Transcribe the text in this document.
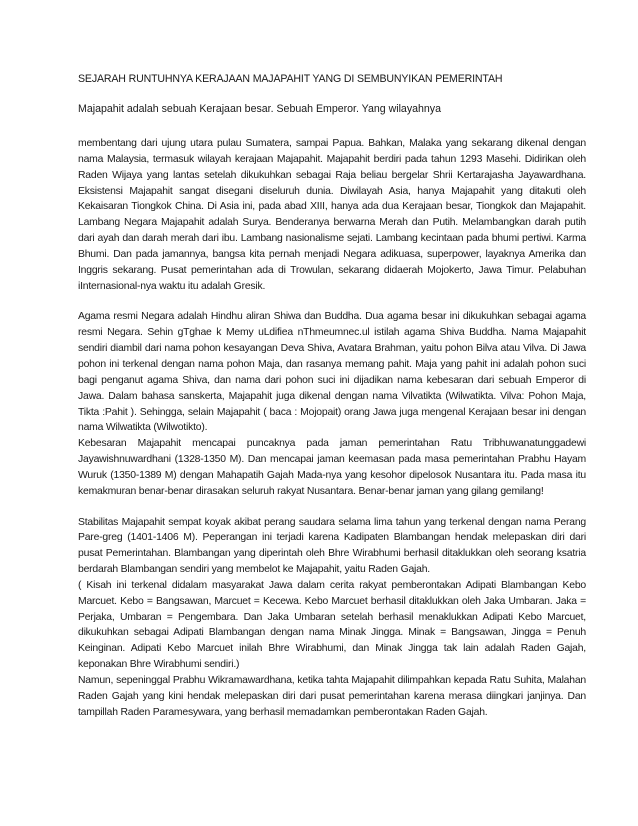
SEJARAH RUNTUHNYA KERAJAAN MAJAPAHIT YANG DI SEMBUNYIKAN PEMERINTAH
Majapahit adalah sebuah Kerajaan besar. Sebuah Emperor. Yang wilayahnya

membentang dari ujung utara pulau Sumatera, sampai Papua. Bahkan, Malaka yang sekarang dikenal dengan nama Malaysia, termasuk wilayah kerajaan Majapahit. Majapahit berdiri pada tahun 1293 Masehi. Didirikan oleh Raden Wijaya yang lantas setelah dikukuhkan sebagai Raja beliau bergelar Shrii Kertarajasha Jayawardhana. Eksistensi Majapahit sangat disegani diseluruh dunia. Diwilayah Asia, hanya Majapahit yang ditakuti oleh Kekaisaran Tiongkok China. Di Asia ini, pada abad XIII, hanya ada dua Kerajaan besar, Tiongkok dan Majapahit. Lambang Negara Majapahit adalah Surya. Benderanya berwarna Merah dan Putih. Melambangkan darah putih dari ayah dan darah merah dari ibu. Lambang nasionalisme sejati. Lambang kecintaan pada bhumi pertiwi. Karma Bhumi. Dan pada jamannya, bangsa kita pernah menjadi Negara adikuasa, superpower, layaknya Amerika dan Inggris sekarang. Pusat pemerintahan ada di Trowulan, sekarang didaerah Mojokerto, Jawa Timur. Pelabuhan iInternasional-nya waktu itu adalah Gresik.

Agama resmi Negara adalah Hindhu aliran Shiwa dan Buddha. Dua agama besar ini dikukuhkan sebagai agama resmi Negara. Sehin gTghae k Memy uLdifiea nThmeumnec.ul istilah agama Shiva Buddha. Nama Majapahit sendiri diambil dari nama pohon kesayangan Deva Shiva, Avatara Brahman, yaitu pohon Bilva atau Vilva. Di Jawa pohon ini terkenal dengan nama pohon Maja, dan rasanya memang pahit. Maja yang pahit ini adalah pohon suci bagi penganut agama Shiva, dan nama dari pohon suci ini dijadikan nama kebesaran dari sebuah Emperor di Jawa. Dalam bahasa sanskerta, Majapahit juga dikenal dengan nama Vilvatikta (Wilwatikta. Vilva: Pohon Maja, Tikta :Pahit ). Sehingga, selain Majapahit ( baca : Mojopait) orang Jawa juga mengenal Kerajaan besar ini dengan nama Wilwatikta (Wilwotikto).

Kebesaran Majapahit mencapai puncaknya pada jaman pemerintahan Ratu Tribhuwanatunggadewi Jayawishnuwardhani (1328-1350 M). Dan mencapai jaman keemasan pada masa pemerintahan Prabhu Hayam Wuruk (1350-1389 M) dengan Mahapatih Gajah Mada-nya yang kesohor dipelosok Nusantara itu. Pada masa itu kemakmuran benar-benar dirasakan seluruh rakyat Nusantara. Benar-benar jaman yang gilang gemilang!

Stabilitas Majapahit sempat koyak akibat perang saudara selama lima tahun yang terkenal dengan nama Perang Pare-greg (1401-1406 M). Peperangan ini terjadi karena Kadipaten Blambangan hendak melepaskan diri dari pusat Pemerintahan. Blambangan yang diperintah oleh Bhre Wirabhumi berhasil ditaklukkan oleh seorang ksatria berdarah Blambangan sendiri yang membelot ke Majapahit, yaitu Raden Gajah.

( Kisah ini terkenal didalam masyarakat Jawa dalam cerita rakyat pemberontakan Adipati Blambangan Kebo Marcuet. Kebo = Bangsawan, Marcuet = Kecewa. Kebo Marcuet berhasil ditaklukkan oleh Jaka Umbaran. Jaka = Perjaka, Umbaran = Pengembara. Dan Jaka Umbaran setelah berhasil menaklukkan Adipati Kebo Marcuet, dikukuhkan sebagai Adipati Blambangan dengan nama Minak Jingga. Minak = Bangsawan, Jingga = Penuh Keinginan. Adipati Kebo Marcuet inilah Bhre Wirabhumi, dan Minak Jingga tak lain adalah Raden Gajah, keponakan Bhre Wirabhumi sendiri.)

Namun, sepeninggal Prabhu Wikramawardhana, ketika tahta Majapahit dilimpahkan kepada Ratu Suhita, Malahan Raden Gajah yang kini hendak melepaskan diri dari pusat pemerintahan karena merasa diingkari janjinya. Dan tampillah Raden Paramesywara, yang berhasil memadamkan pemberontakan Raden Gajah.
